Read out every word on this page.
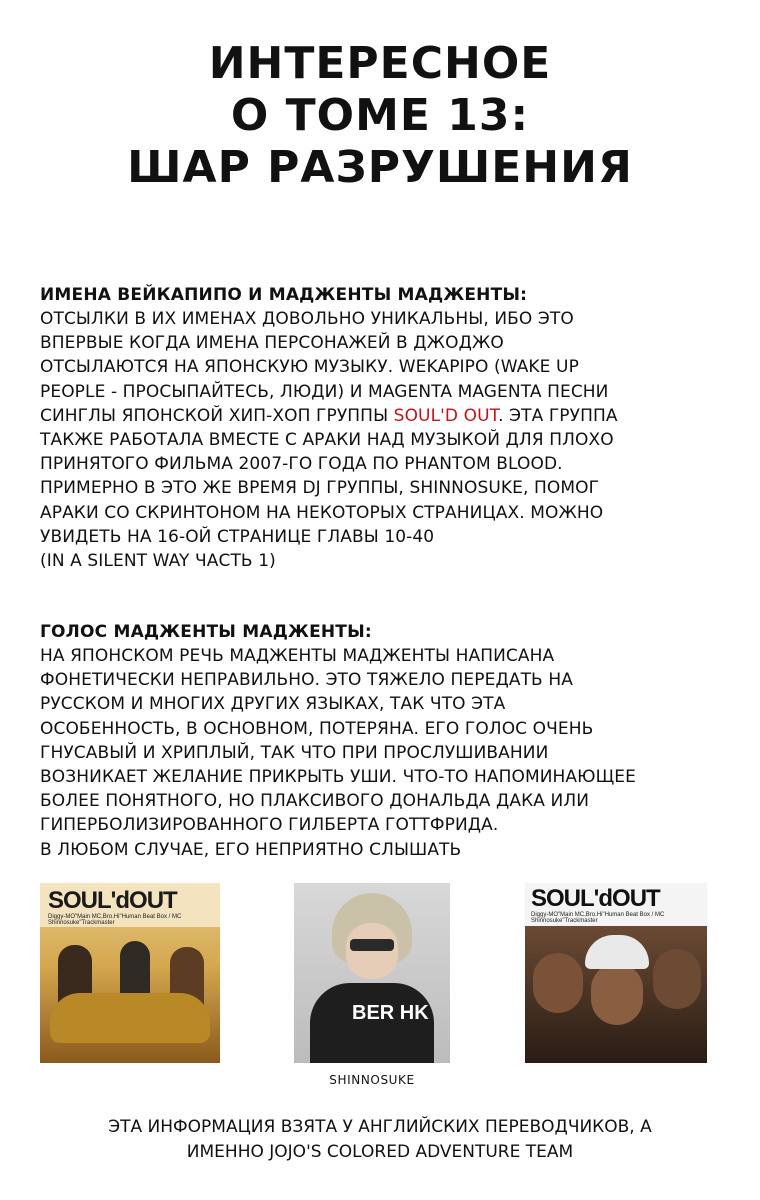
ИНТЕРЕСНОЕ
О ТОМЕ 13:
ШАР РАЗРУШЕНИЯ
ИМЕНА ВЕЙКАПИПО И МАДЖЕНТЫ МАДЖЕНТЫ:

ОТСЫЛКИ В ИХ ИМЕНАХ ДОВОЛЬНО УНИКАЛЬНЫ, ИБО ЭТО

ВПЕРВЫЕ КОГДА ИМЕНА ПЕРСОНАЖЕЙ В ДЖОДЖО

ОТСЫЛАЮТСЯ НА ЯПОНСКУЮ МУЗЫКУ. WEKAPIPO (WAKE UP

PEOPLE - ПРОСЫПАЙТЕСЬ, ЛЮДИ) И MAGENTA MAGENTA ПЕСНИ

СИНГЛЫ ЯПОНСКОЙ ХИП-ХОП ГРУППЫ SOUL'D OUT. ЭТА ГРУППА

ТАКЖЕ РАБОТАЛА ВМЕСТЕ С АРАКИ НАД МУЗЫКОЙ ДЛЯ ПЛОХО

ПРИНЯТОГО ФИЛЬМА 2007-ГО ГОДА ПО PHANTOM BLOOD.

ПРИМЕРНО В ЭТО ЖЕ ВРЕМЯ DJ ГРУППЫ, SHINNOSUKE, ПОМОГ

АРАКИ СО СКРИНТОНОМ НА НЕКОТОРЫХ СТРАНИЦАХ. МОЖНО

УВИДЕТЬ НА 16-ОЙ СТРАНИЦЕ ГЛАВЫ 10-40

(IN A SILENT WAY ЧАСТЬ 1)

ГОЛОС МАДЖЕНТЫ МАДЖЕНТЫ:

НА ЯПОНСКОМ РЕЧЬ МАДЖЕНТЫ МАДЖЕНТЫ НАПИСАНА

ФОНЕТИЧЕСКИ НЕПРАВИЛЬНО. ЭТО ТЯЖЕЛО ПЕРЕДАТЬ НА

РУССКОМ И МНОГИХ ДРУГИХ ЯЗЫКАХ, ТАК ЧТО ЭТА

ОСОБЕННОСТЬ, В ОСНОВНОМ, ПОТЕРЯНА. ЕГО ГОЛОС ОЧЕНЬ

ГНУСАВЫЙ И ХРИПЛЫЙ, ТАК ЧТО ПРИ ПРОСЛУШИВАНИИ

ВОЗНИКАЕТ ЖЕЛАНИЕ ПРИКРЫТЬ УШИ. ЧТО-ТО НАПОМИНАЮЩЕЕ

БОЛЕЕ ПОНЯТНОГО, НО ПЛАКСИВОГО ДОНАЛЬДА ДАКА ИЛИ

ГИПЕРБОЛИЗИРОВАННОГО ГИЛБЕРТА ГОТТФРИДА.

В ЛЮБОМ СЛУЧАЕ, ЕГО НЕПРИЯТНО СЛЫШАТЬ

SOUL'dOUT
Diggy-MO"Main MC,Bro.Hi"Human Beat Box / MC Shinnosuke"Trackmaster
BER HK
SOUL'dOUT
Diggy-MO"Main MC,Bro.Hi"Human Beat Box / MC Shinnosuke"Trackmaster
SHINNOSUKE
ЭТА ИНФОРМАЦИЯ ВЗЯТА У АНГЛИЙСКИХ ПЕРЕВОДЧИКОВ, А
ИМЕННО JOJO'S COLORED ADVENTURE TEAM
